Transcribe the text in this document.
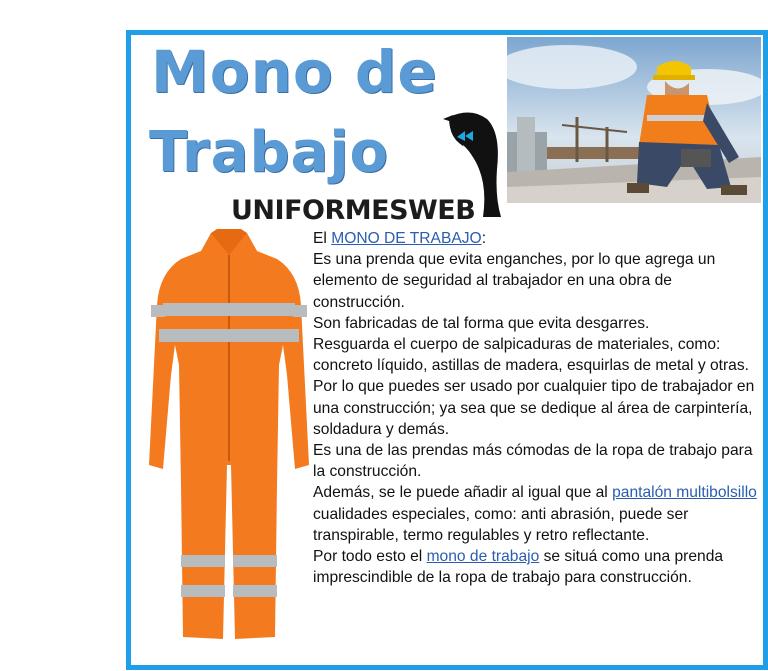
Mono de
Trabajo
UNIFORMESWEB

El MONO DE TRABAJO:

Es una prenda que evita enganches, por lo que agrega un elemento de seguridad al trabajador en una obra de construcción.

Son fabricadas de tal forma que evita desgarres.

Resguarda el cuerpo de salpicaduras de materiales, como: concreto líquido, astillas de madera, esquirlas de metal y otras. Por lo que puedes ser usado por cualquier tipo de trabajador en una construcción; ya sea que se dedique al área de carpintería, soldadura y demás.

Es una de las prendas más cómodas de la ropa de trabajo para la construcción.

Además, se le puede añadir al igual que al pantalón multibolsillo cualidades especiales, como: anti abrasión, puede ser transpirable, termo regulables y retro reflectante.

Por todo esto el mono de trabajo se situá como una prenda imprescindible de la ropa de trabajo para construcción.
